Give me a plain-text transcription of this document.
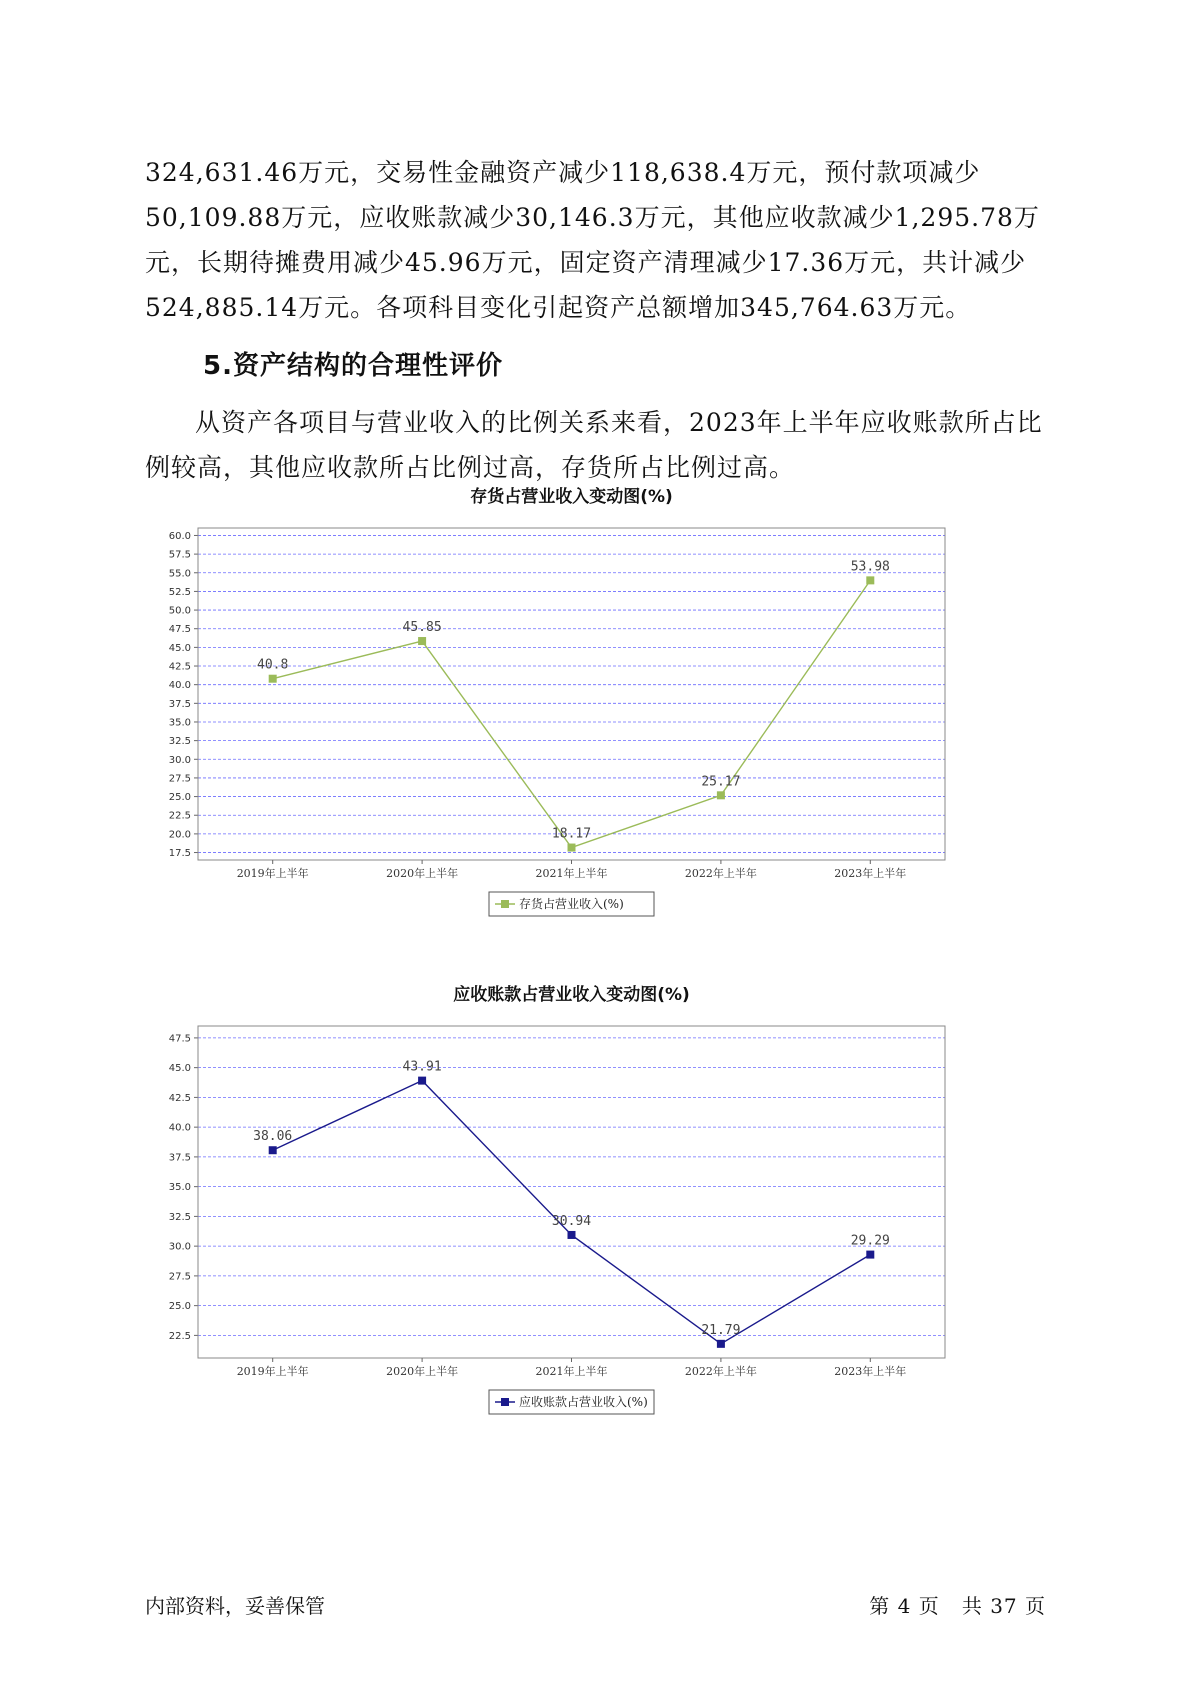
324,631.46万元，交易性金融资产减少118,638.4万元，预付款项减少50,109.88万元，应收账款减少30,146.3万元，其他应收款减少1,295.78万元，长期待摊费用减少45.96万元，固定资产清理减少17.36万元，共计减少524,885.14万元。各项科目变化引起资产总额增加345,764.63万元。

5.资产结构的合理性评价

从资产各项目与营业收入的比例关系来看，2023年上半年应收账款所占比例较高，其他应收款所占比例过高，存货所占比例过高。

存货占营业收入变动图(%)
17.5
20.0
22.5
25.0
27.5
30.0
32.5
35.0
37.5
40.0
42.5
45.0
47.5
50.0
52.5
55.0
57.5
60.0
2019年上半年	2020年上半年	2021年上半年	2022年上半年	2023年上半年
40.8
45.85
18.17
25.17
53.98
存货占营业收入(%)
应收账款占营业收入变动图(%)
22.5
25.0
27.5
30.0
32.5
35.0
37.5
40.0
42.5
45.0
47.5
2019年上半年	2020年上半年	2021年上半年	2022年上半年	2023年上半年
38.06
43.91
30.94
21.79
29.29
应收账款占营业收入(%)

内部资料，妥善保管	第 4 页   共 37 页
